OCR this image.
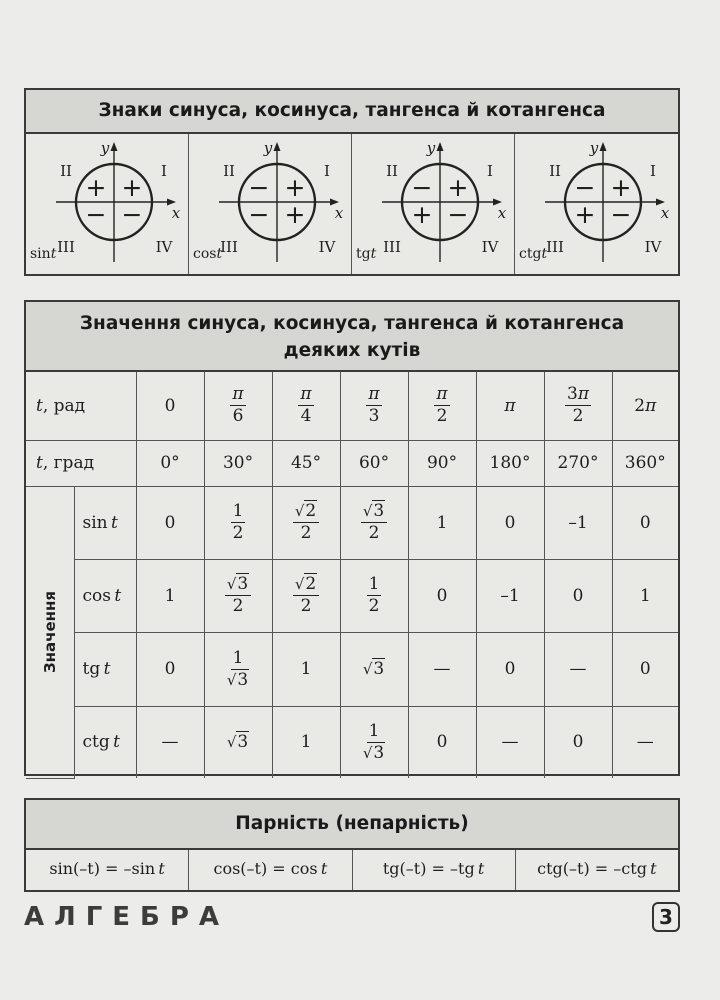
Знаки синуса, косинуса, тангенса й котангенса
y
x
II	I
III	IV
+ +
− −
sint
y
x
II	I
III	IV
− +
− +
cost
y
x
II	I
III	IV
− +
+ −
tgt
y
x
II	I
III	IV
− +
+ −
ctgt
Значення синуса, косинуса, тангенса й котангенса
деяких кутів
t, рад		0	$\frac{\pi}{6}$	$\frac{\pi}{4}$	$\frac{\pi}{3}$	$\frac{\pi}{2}$	π	$\frac{3\pi}{2}$	2π
t, град		0°	30°	45°	60°	90°	180°	270°	360°

Значення	sin  t	0	$\frac{1}{2}$	$\frac{√2}{2}$	$\frac{√3}{2}$	1	0	–1	0
	cos  t	1	$\frac{√3}{2}$	$\frac{√2}{2}$	$\frac{1}{2}$	0	–1	0	1
	tg  t	0	$\frac{1}{√3}$	1	√3	—	0	—	0
	ctg  t	—	√3	1	$\frac{1}{√3}$	0	—	0	—
Парність (непарність)
sin(–t) = –sin  t	cos(–t) = cos  t	tg(–t) = –tg  t	ctg(–t) = –ctg  t
АЛГЕБРА	3
